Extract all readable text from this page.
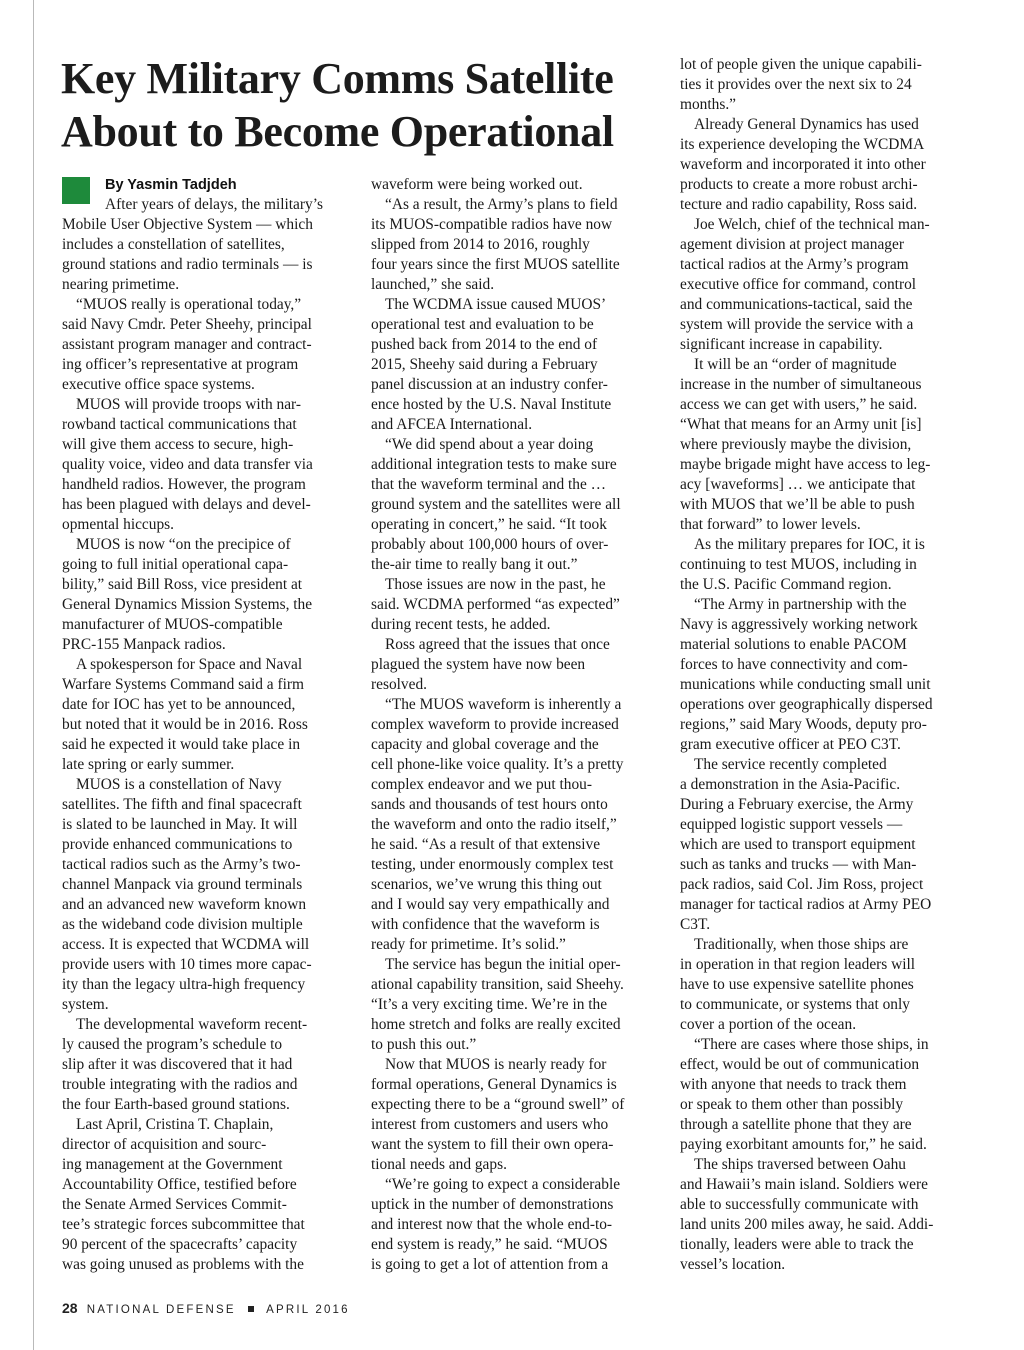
Key Military Comms Satellite
About to Become Operational
By Yasmin Tadjdeh
After years of delays, the military’s
Mobile User Objective System — which
includes a constellation of satellites,
ground stations and radio terminals — is
nearing primetime.
“MUOS really is operational today,”
said Navy Cmdr. Peter Sheehy, principal
assistant program manager and contract-
ing officer’s representative at program
executive office space systems.
MUOS will provide troops with nar-
rowband tactical communications that
will give them access to secure, high-
quality voice, video and data transfer via
handheld radios. However, the program
has been plagued with delays and devel-
opmental hiccups.
MUOS is now “on the precipice of
going to full initial operational capa-
bility,” said Bill Ross, vice president at
General Dynamics Mission Systems, the
manufacturer of MUOS-compatible
PRC-155 Manpack radios.
A spokesperson for Space and Naval
Warfare Systems Command said a firm
date for IOC has yet to be announced,
but noted that it would be in 2016. Ross
said he expected it would take place in
late spring or early summer.
MUOS is a constellation of Navy
satellites. The fifth and final spacecraft
is slated to be launched in May. It will
provide enhanced communications to
tactical radios such as the Army’s two-
channel Manpack via ground terminals
and an advanced new waveform known
as the wideband code division multiple
access. It is expected that WCDMA will
provide users with 10 times more capac-
ity than the legacy ultra-high frequency
system.
The developmental waveform recent-
ly caused the program’s schedule to
slip after it was discovered that it had
trouble integrating with the radios and
the four Earth-based ground stations.
Last April, Cristina T. Chaplain,
director of acquisition and sourc-
ing management at the Government
Accountability Office, testified before
the Senate Armed Services Commit-
tee’s strategic forces subcommittee that
90 percent of the spacecrafts’ capacity
was going unused as problems with the
waveform were being worked out.
“As a result, the Army’s plans to field
its MUOS-compatible radios have now
slipped from 2014 to 2016, roughly
four years since the first MUOS satellite
launched,” she said.
The WCDMA issue caused MUOS’
operational test and evaluation to be
pushed back from 2014 to the end of
2015, Sheehy said during a February
panel discussion at an industry confer-
ence hosted by the U.S. Naval Institute
and AFCEA International.
“We did spend about a year doing
additional integration tests to make sure
that the waveform terminal and the …
ground system and the satellites were all
operating in concert,” he said. “It took
probably about 100,000 hours of over-
the-air time to really bang it out.”
Those issues are now in the past, he
said. WCDMA performed “as expected”
during recent tests, he added.
Ross agreed that the issues that once
plagued the system have now been
resolved.
“The MUOS waveform is inherently a
complex waveform to provide increased
capacity and global coverage and the
cell phone-like voice quality. It’s a pretty
complex endeavor and we put thou-
sands and thousands of test hours onto
the waveform and onto the radio itself,”
he said. “As a result of that extensive
testing, under enormously complex test
scenarios, we’ve wrung this thing out
and I would say very empathically and
with confidence that the waveform is
ready for primetime. It’s solid.”
The service has begun the initial oper-
ational capability transition, said Sheehy.
“It’s a very exciting time. We’re in the
home stretch and folks are really excited
to push this out.”
Now that MUOS is nearly ready for
formal operations, General Dynamics is
expecting there to be a “ground swell” of
interest from customers and users who
want the system to fill their own opera-
tional needs and gaps.
“We’re going to expect a considerable
uptick in the number of demonstrations
and interest now that the whole end-to-
end system is ready,” he said. “MUOS
is going to get a lot of attention from a
lot of people given the unique capabili-
ties it provides over the next six to 24
months.”
Already General Dynamics has used
its experience developing the WCDMA
waveform and incorporated it into other
products to create a more robust archi-
tecture and radio capability, Ross said.
Joe Welch, chief of the technical man-
agement division at project manager
tactical radios at the Army’s program
executive office for command, control
and communications-tactical, said the
system will provide the service with a
significant increase in capability.
It will be an “order of magnitude
increase in the number of simultaneous
access we can get with users,” he said.
“What that means for an Army unit [is]
where previously maybe the division,
maybe brigade might have access to leg-
acy [waveforms] … we anticipate that
with MUOS that we’ll be able to push
that forward” to lower levels.
As the military prepares for IOC, it is
continuing to test MUOS, including in
the U.S. Pacific Command region.
“The Army in partnership with the
Navy is aggressively working network
material solutions to enable PACOM
forces to have connectivity and com-
munications while conducting small unit
operations over geographically dispersed
regions,” said Mary Woods, deputy pro-
gram executive officer at PEO C3T.
The service recently completed
a demonstration in the Asia-Pacific.
During a February exercise, the Army
equipped logistic support vessels —
which are used to transport equipment
such as tanks and trucks — with Man-
pack radios, said Col. Jim Ross, project
manager for tactical radios at Army PEO
C3T.
Traditionally, when those ships are
in operation in that region leaders will
have to use expensive satellite phones
to communicate, or systems that only
cover a portion of the ocean.
“There are cases where those ships, in
effect, would be out of communication
with anyone that needs to track them
or speak to them other than possibly
through a satellite phone that they are
paying exorbitant amounts for,” he said.
The ships traversed between Oahu
and Hawaii’s main island. Soldiers were
able to successfully communicate with
land units 200 miles away, he said. Addi-
tionally, leaders were able to track the
vessel’s location.
28 NATIONAL DEFENSE	APRIL 2016
